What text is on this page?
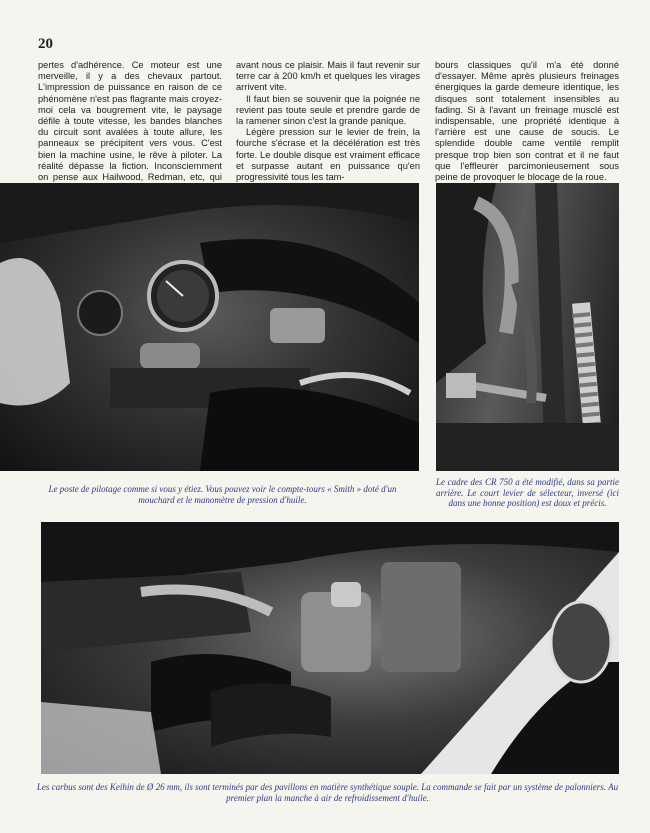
20

pertes d'adhérence. Ce moteur est une merveille, il y a des chevaux partout. L'impression de puissance en raison de ce phénomène n'est pas flagrante mais croyez-moi cela va bougrement vite, le paysage défile à toute vitesse, les bandes blanches du circuit sont avalées à toute allure, les panneaux se précipitent vers vous. C'est bien la machine usine, le rêve à piloter. La réalité dépasse la fiction. Inconsciemment on pense aux Hailwood, Redman, etc, qui

avant nous ce plaisir. Mais il faut revenir sur terre car à 200 km/h et quelques les virages arrivent vite.

Il faut bien se souvenir que la poignée ne revient pas toute seule et prendre garde de la ramener sinon c'est la grande panique.

Légère pression sur le levier de frein, la fourche s'écrase et la décélération est très forte. Le double disque est vraiment efficace et surpasse autant en puissance qu'en progressivité tous les tam-

bours classiques qu'il m'a été donné d'essayer. Même après plusieurs freinages énergiques la garde demeure identique, les disques sont totalement insensibles au fading. Si à l'avant un freinage musclé est indispensable, une propriété identique à l'arrière est une cause de soucis. Le splendide double came ventilé remplit presque trop bien son contrat et il ne faut que l'effleurer parcimonieusement sous peine de provoquer le blocage de la roue.

Le poste de pilotage comme si vous y étiez. Vous pouvez voir le compte-tours « Smith » doté d'un mouchard et le manomètre de pression d'huile.
Le cadre des CR 750 a été modifié, dans sa partie arrière. Le court levier de sélecteur, inversé (ici dans une bonne position) est doux et précis.
Les carbus sont des Keihin de Ø 26 mm, ils sont terminés par des pavillons en matière synthétique souple. La commande se fait par un système de palonniers. Au premier plan la manche à air de refroidissement d'huile.
